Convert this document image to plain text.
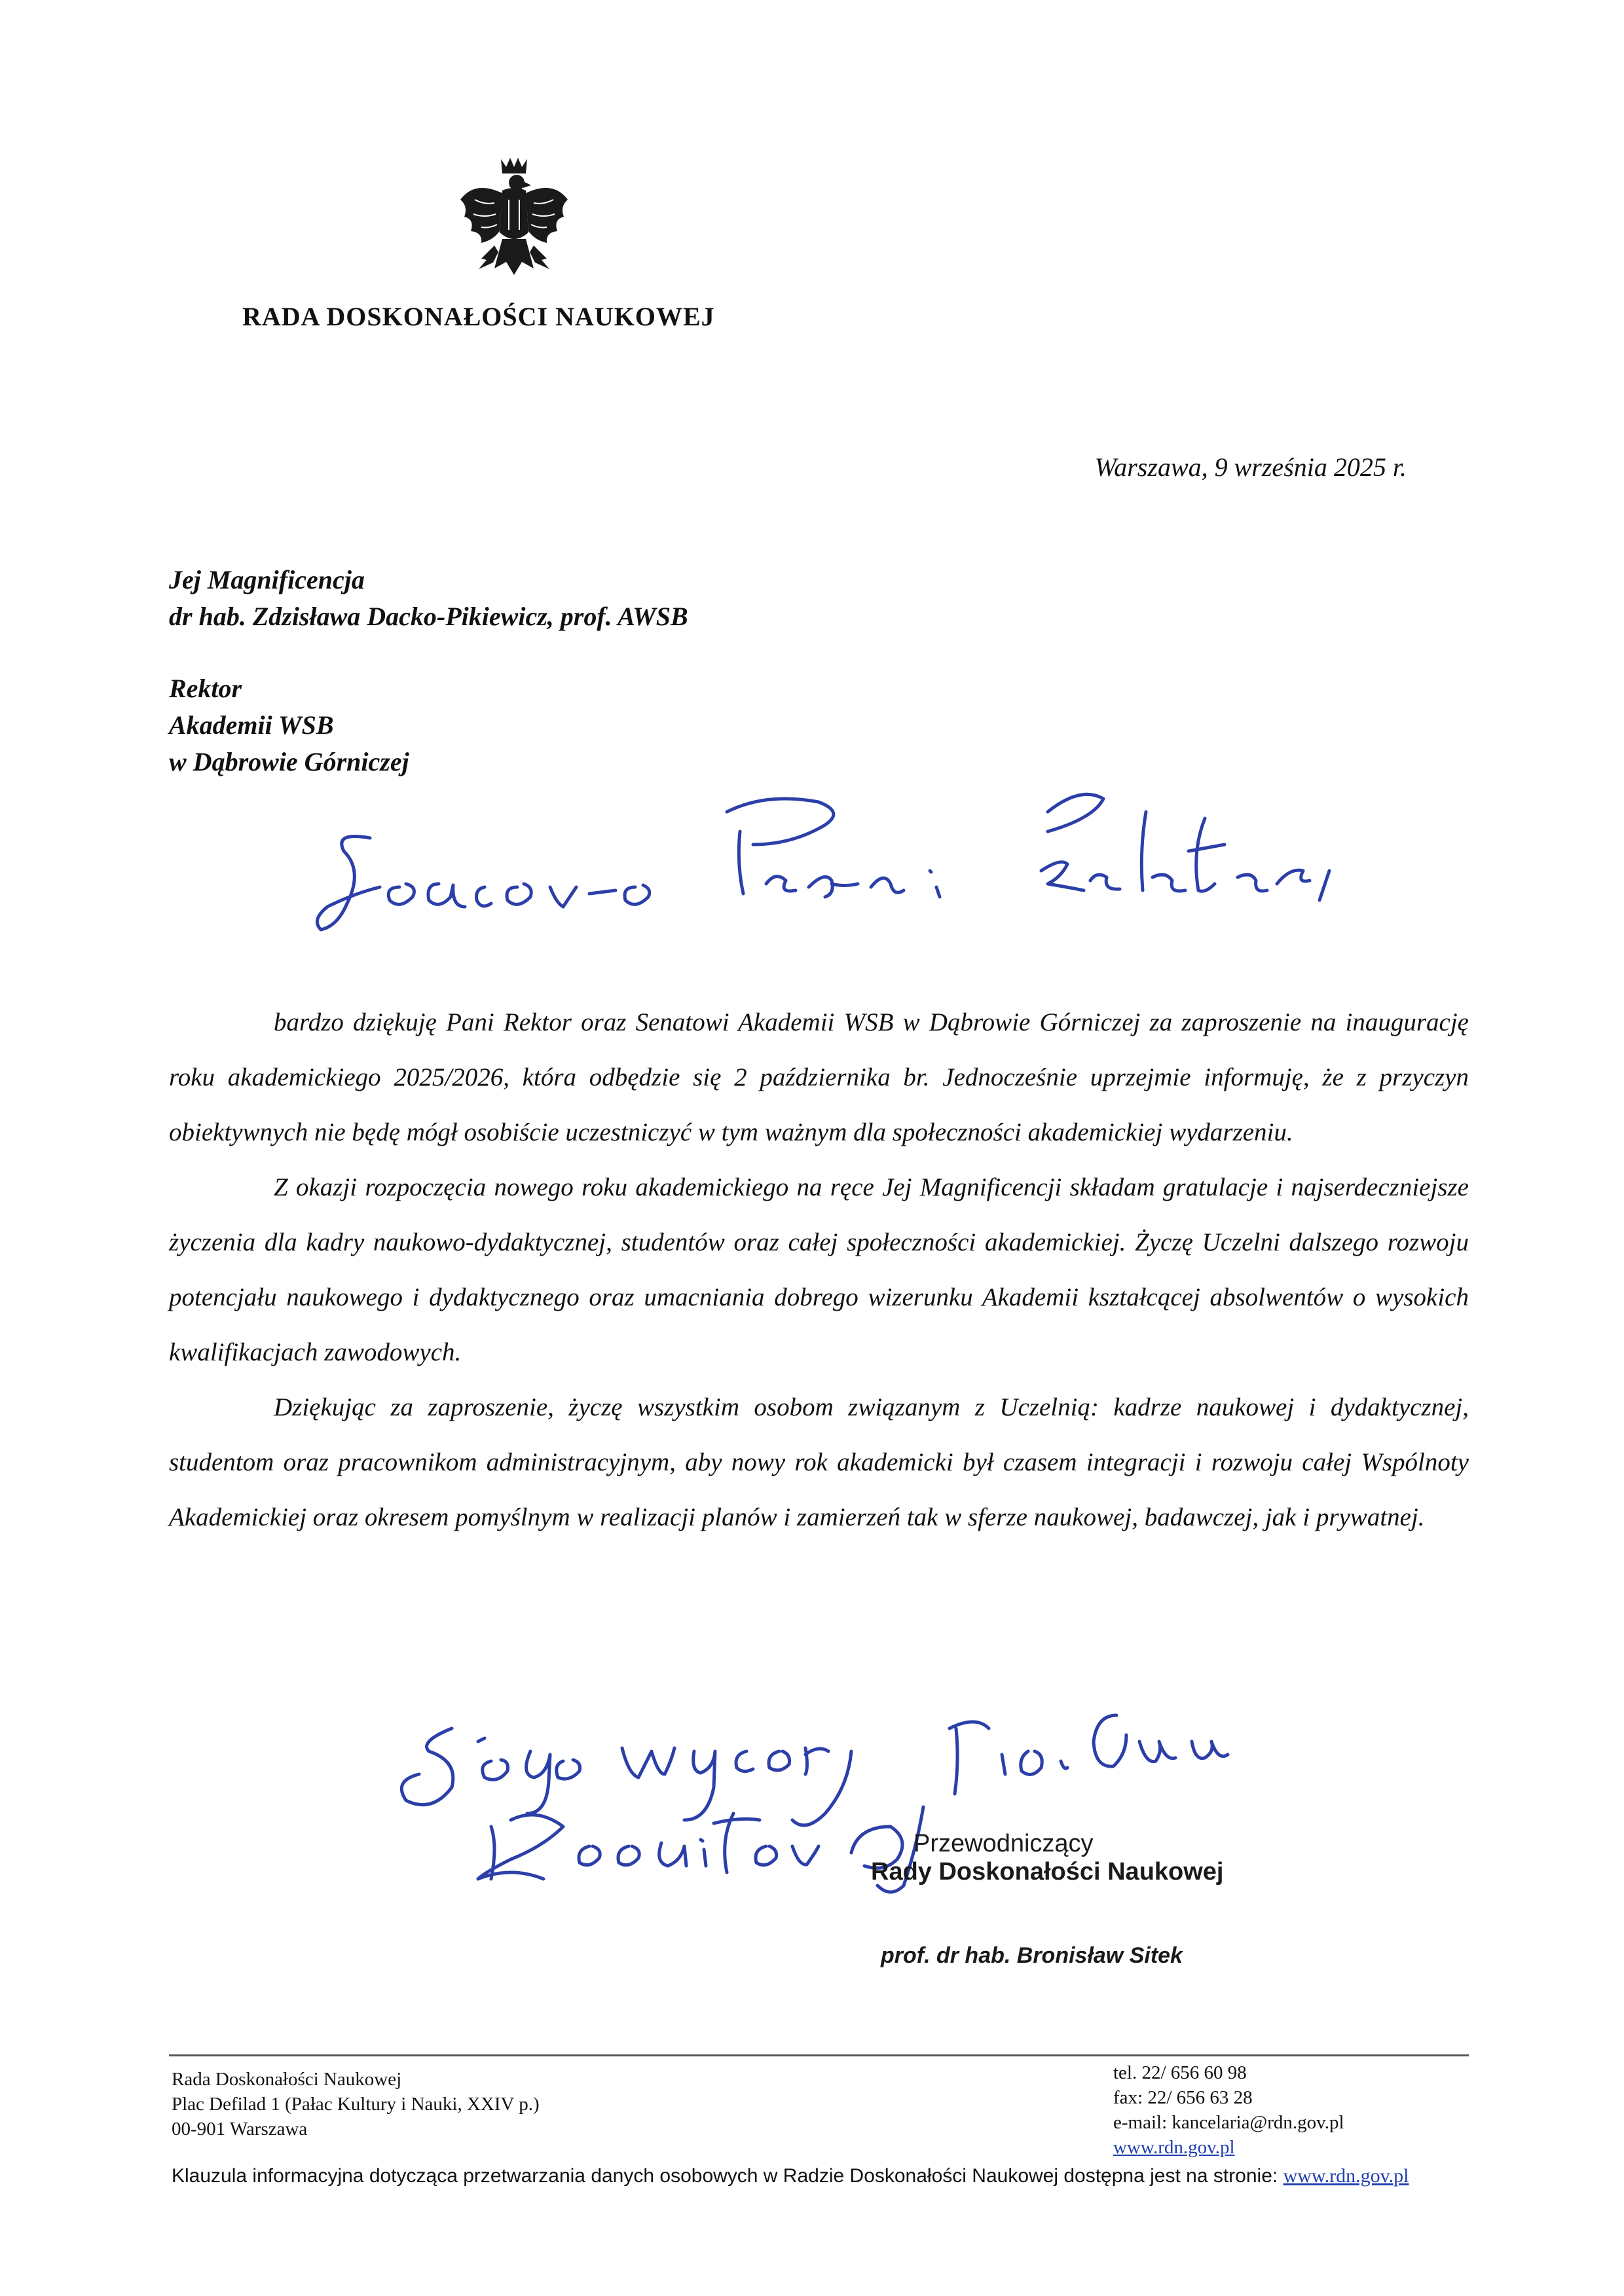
RADA DOSKONAŁOŚCI NAUKOWEJ
Warszawa, 9 września 2025 r.
Jej Magnificencja
dr hab. Zdzisława Dacko-Pikiewicz, prof. AWSB
Rektor
Akademii WSB
w Dąbrowie Górniczej

bardzo dziękuję Pani Rektor oraz Senatowi Akademii WSB w Dąbrowie Górniczej za zaproszenie na inaugurację roku akademickiego 2025/2026, która odbędzie się 2 października br. Jednocześnie uprzejmie informuję, że z przyczyn obiektywnych nie będę mógł osobiście uczestniczyć w tym ważnym dla społeczności akademickiej wydarzeniu.

Z okazji rozpoczęcia nowego roku akademickiego na ręce Jej Magnificencji składam gratulacje i najserdeczniejsze życzenia dla kadry naukowo-dydaktycznej, studentów oraz całej społeczności akademickiej. Życzę Uczelni dalszego rozwoju potencjału naukowego i dydaktycznego oraz umacniania dobrego wizerunku Akademii kształcącej absolwentów o wysokich kwalifikacjach zawodowych.

Dziękując za zaproszenie, życzę wszystkim osobom związanym z Uczelnią: kadrze naukowej i dydaktycznej, studentom oraz pracownikom administracyjnym, aby nowy rok akademicki był czasem integracji i rozwoju całej Wspólnoty Akademickiej oraz okresem pomyślnym w realizacji planów i zamierzeń tak w sferze naukowej, badawczej, jak i prywatnej.

Przewodniczący
Rady Doskonałości Naukowej
prof. dr hab. Bronisław Sitek
Rada Doskonałości Naukowej
Plac Defilad 1 (Pałac Kultury i Nauki, XXIV p.)
00-901 Warszawa
tel. 22/ 656 60 98
fax: 22/ 656 63 28
e-mail: kancelaria@rdn.gov.pl
www.rdn.gov.pl
Klauzula informacyjna dotycząca przetwarzania danych osobowych w Radzie Doskonałości Naukowej dostępna jest na stronie: www.rdn.gov.pl
